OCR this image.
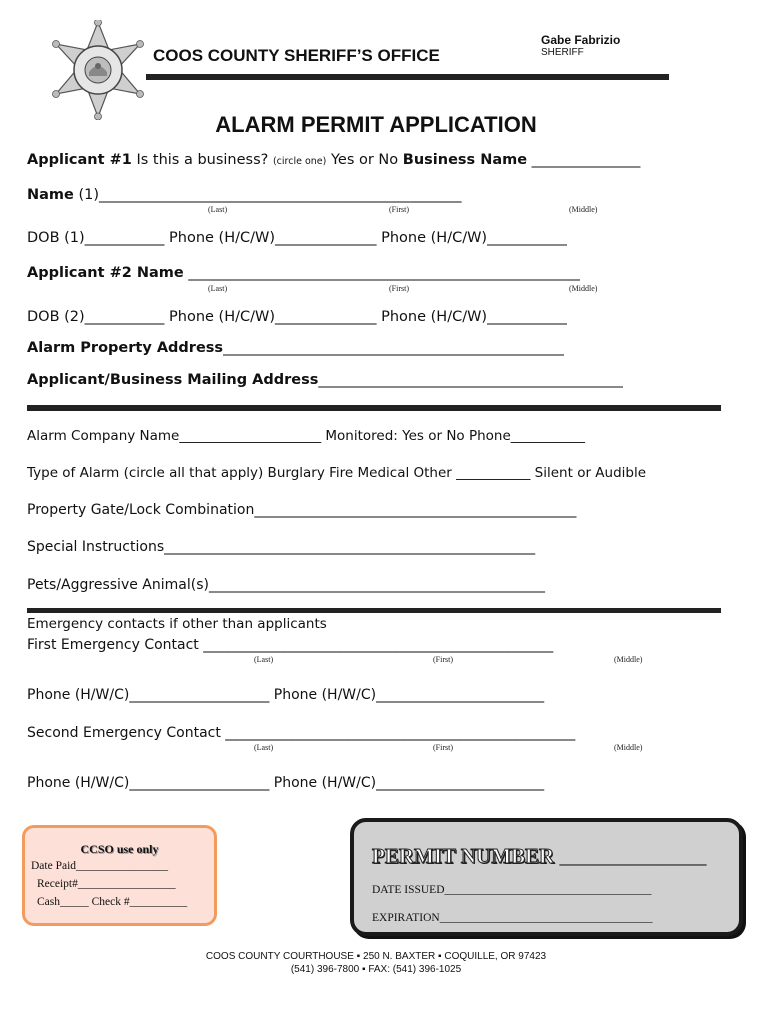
COOS COUNTY SHERIFF’S OFFICE
Gabe Fabrizio
SHERIFF
ALARM PERMIT APPLICATION
Applicant #1 Is this a business? (circle one) Yes or No Business Name _______________
Name (1)__________________________________________________
(Last)	(First)	(Middle)
DOB (1)___________ Phone (H/C/W)______________ Phone (H/C/W)___________
Applicant #2 Name ______________________________________________________
(Last)	(First)	(Middle)
DOB (2)___________ Phone (H/C/W)______________ Phone (H/C/W)___________
Alarm Property Address_______________________________________________
Applicant/Business Mailing Address__________________________________________
Alarm Company Name_____________________ Monitored: Yes or No Phone___________
Type of Alarm (circle all that apply) Burglary Fire Medical Other ___________ Silent or Audible
Property Gate/Lock Combination______________________________________________
Special Instructions_____________________________________________________
Pets/Aggressive Animal(s)________________________________________________
Emergency contacts if other than applicants
First Emergency Contact __________________________________________________
(Last)	(First)	(Middle)
Phone (H/W/C)____________________ Phone (H/W/C)________________________
Second Emergency Contact __________________________________________________
(Last)	(First)	(Middle)
Phone (H/W/C)____________________ Phone (H/W/C)________________________
CCSO use only
Date Paid________________
Receipt#_________________
Cash_____ Check #__________
PERMIT NUMBER ______________
DATE ISSUED____________________________________
EXPIRATION_____________________________________
COOS COUNTY COURTHOUSE ▪ 250 N. BAXTER ▪ COQUILLE, OR 97423
(541) 396-7800 ▪ FAX: (541) 396-1025
